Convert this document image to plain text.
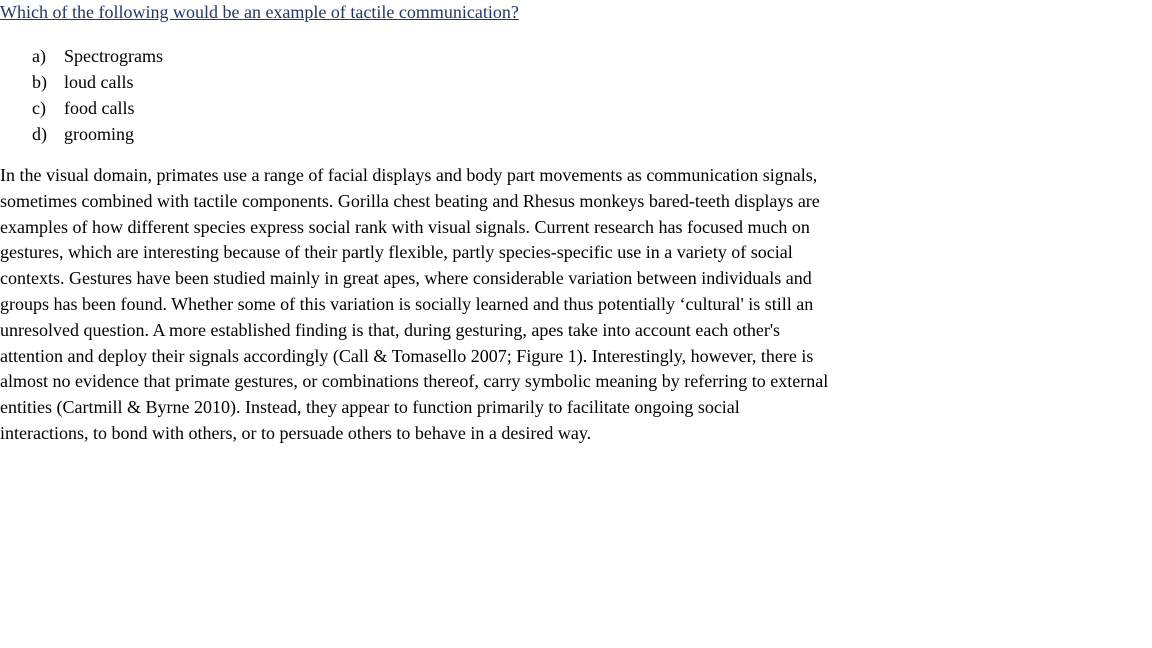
Which of the following would be an example of tactile communication?
a)	Spectrograms
b) loud calls
c)	food calls
d) grooming

In the visual domain, primates use a range of facial displays and body part movements as communication signals, sometimes combined with tactile components. Gorilla chest beating and Rhesus monkeys bared-teeth displays are examples of how different species express social rank with visual signals. Current research has focused much on gestures, which are interesting because of their partly flexible, partly species-specific use in a variety of social contexts. Gestures have been studied mainly in great apes, where considerable variation between individuals and groups has been found. Whether some of this variation is socially learned and thus potentially ‘cultural' is still an unresolved question. A more established finding is that, during gesturing, apes take into account each other's attention and deploy their signals accordingly (Call & Tomasello 2007; Figure 1). Interestingly, however, there is almost no evidence that primate gestures, or combinations thereof, carry symbolic meaning by referring to external entities (Cartmill & Byrne 2010). Instead, they appear to function primarily to facilitate ongoing social interactions, to bond with others, or to persuade others to behave in a desired way.
